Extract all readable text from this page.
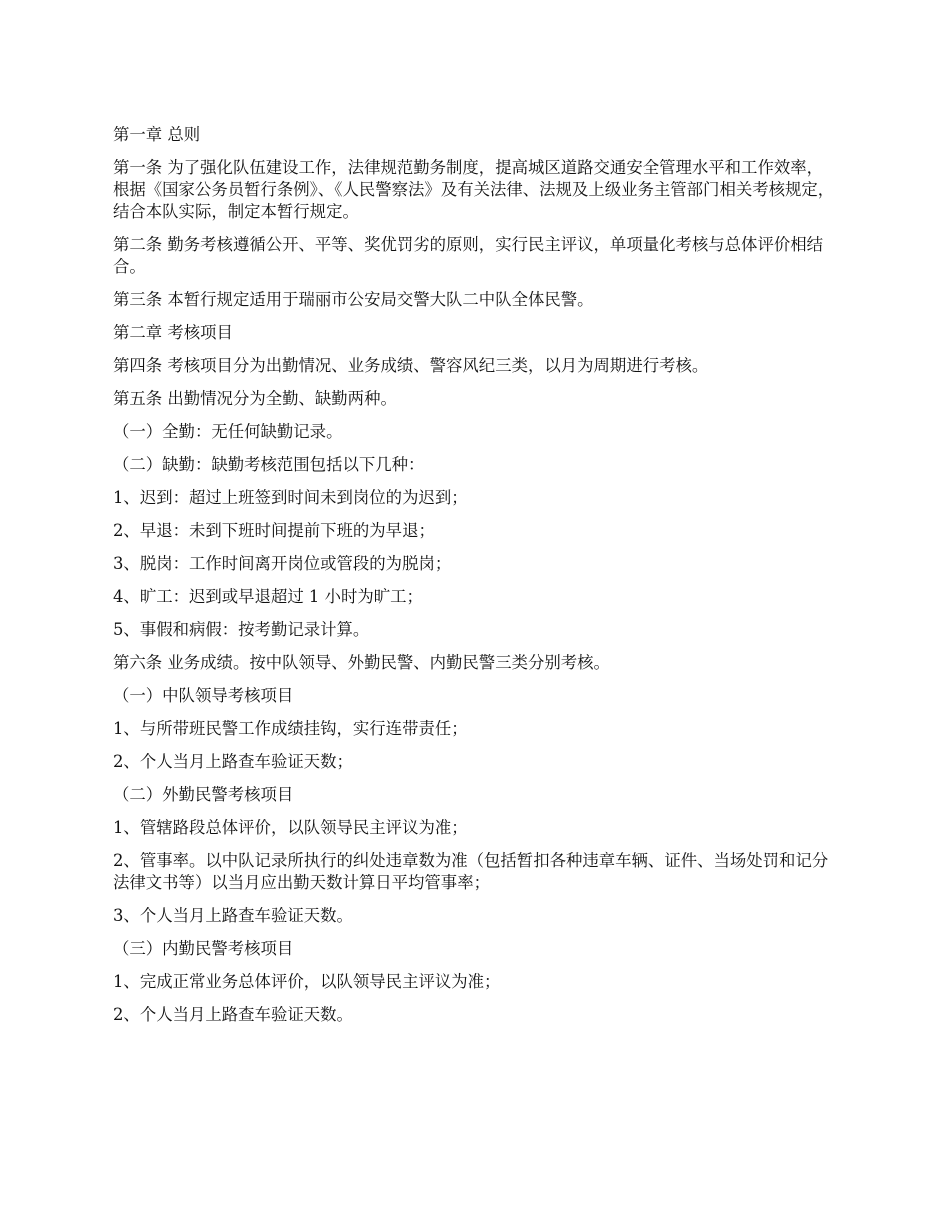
第一章 总则

第一条 为了强化队伍建设工作，法律规范勤务制度，提高城区道路交通安全管理水平和工作效率，根据《国家公务员暂行条例》、《人民警察法》及有关法律、法规及上级业务主管部门相关考核规定，结合本队实际，制定本暂行规定。

第二条 勤务考核遵循公开、平等、奖优罚劣的原则，实行民主评议，单项量化考核与总体评价相结合。

第三条 本暂行规定适用于瑞丽市公安局交警大队二中队全体民警。

第二章 考核项目

第四条 考核项目分为出勤情况、业务成绩、警容风纪三类，以月为周期进行考核。

第五条 出勤情况分为全勤、缺勤两种。

（一）全勤：无任何缺勤记录。

（二）缺勤：缺勤考核范围包括以下几种：

1、迟到：超过上班签到时间未到岗位的为迟到；

2、早退：未到下班时间提前下班的为早退；

3、脱岗：工作时间离开岗位或管段的为脱岗；

4、旷工：迟到或早退超过 1 小时为旷工；

5、事假和病假：按考勤记录计算。

第六条 业务成绩。按中队领导、外勤民警、内勤民警三类分别考核。

（一）中队领导考核项目

1、与所带班民警工作成绩挂钩，实行连带责任；

2、个人当月上路查车验证天数；

（二）外勤民警考核项目

1、管辖路段总体评价，以队领导民主评议为准；

2、管事率。以中队记录所执行的纠处违章数为准（包括暂扣各种违章车辆、证件、当场处罚和记分法律文书等）以当月应出勤天数计算日平均管事率；

3、个人当月上路查车验证天数。

（三）内勤民警考核项目

1、完成正常业务总体评价，以队领导民主评议为准；

2、个人当月上路查车验证天数。
